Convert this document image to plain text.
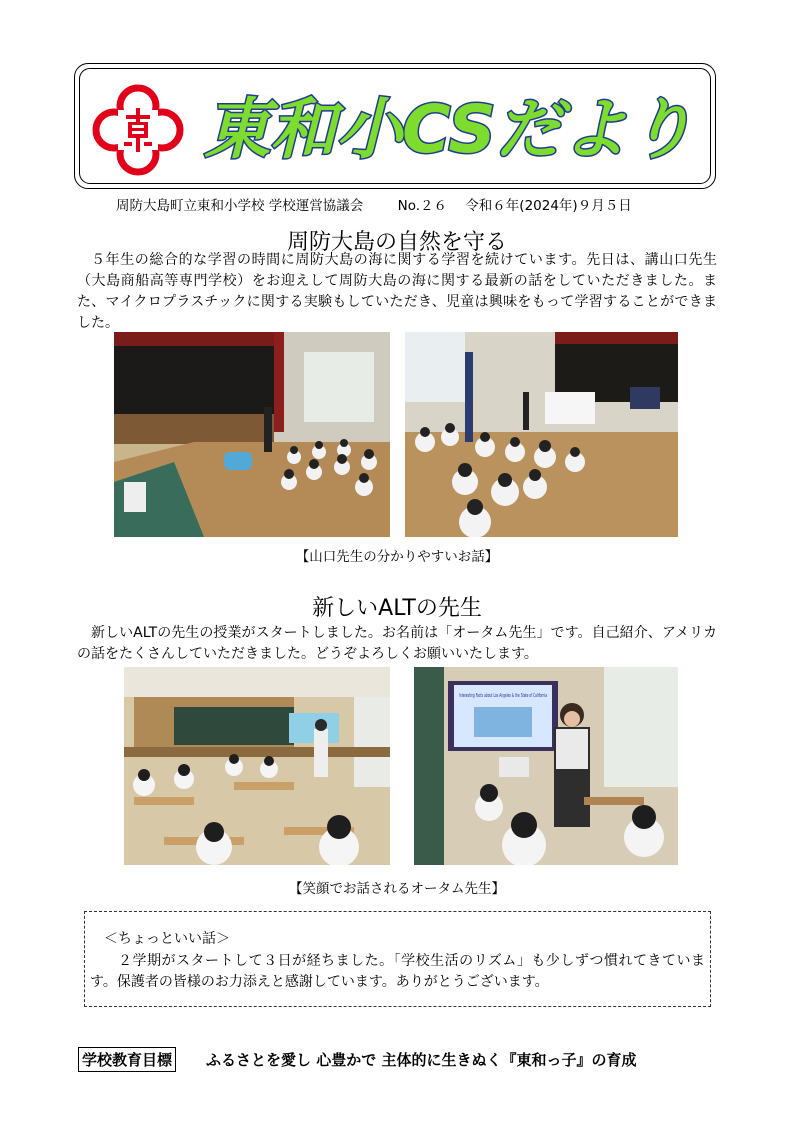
東和小CSだより
周防大島町立東和小学校 学校運営協議会	No.２６ 令和６年(2024年)９月５日
周防大島の自然を守る
５年生の総合的な学習の時間に周防大島の海に関する学習を続けています。先日は、講山口先生（大島商船高等専門学校）をお迎えして周防大島の海に関する最新の話をしていただきました。また、マイクロプラスチックに関する実験もしていただき、児童は興味をもって学習することができました。
【山口先生の分かりやすいお話】
新しいALTの先生
新しいALTの先生の授業がスタートしました。お名前は「オータム先生」です。自己紹介、アメリカの話をたくさんしていただきました。どうぞよろしくお願いいたします。
Interesting Facts about Los Angeles & the State of California
【笑顔でお話されるオータム先生】
＜ちょっといい話＞
２学期がスタートして３日が経ちました。「学校生活のリズム」も少しずつ慣れてきています。保護者の皆様のお力添えと感謝しています。ありがとうございます。
学校教育目標 ふるさとを愛し 心豊かで 主体的に生きぬく『東和っ子』の育成
